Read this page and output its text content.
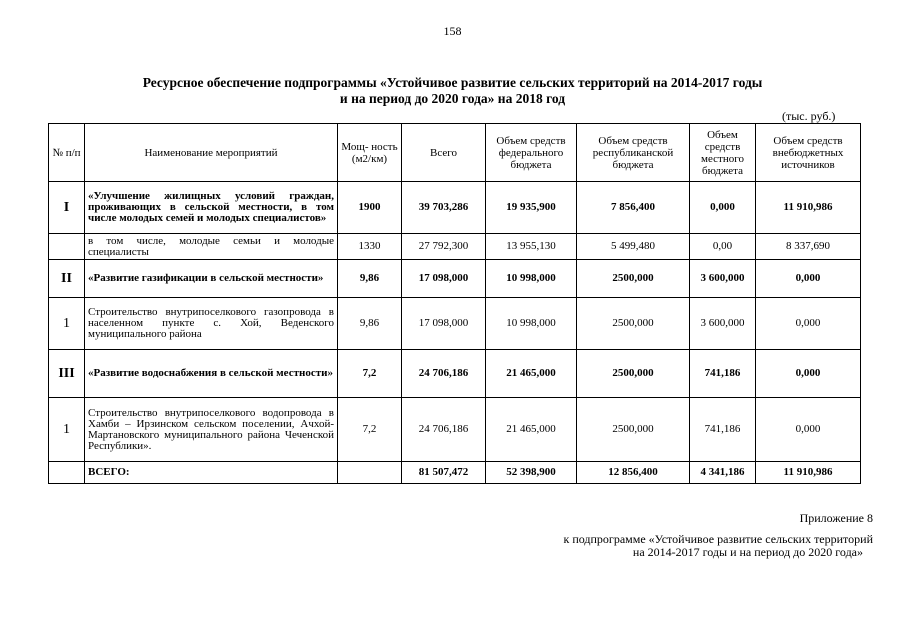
158
Ресурсное обеспечение подпрограммы «Устойчивое развитие сельских территорий на 2014-2017 годы
и на период до 2020 года» на 2018 год
(тыс. руб.)
№ п/п	Наименование мероприятий	Мощ- ность (м2/км)	Всего	Объем средств федерального бюджета	Объем средств республиканской бюджета	Объем средств местного бюджета	Объем средств внебюджетных источников
I	«Улучшение жилищных условий граждан, проживающих в сельской местности, в том числе молодых семей и молодых специалистов»	1900	39 703,286	19 935,900	7 856,400	0,000	11 910,986
	в том числе, молодые семьи и молодые специалисты	1330	27 792,300	13 955,130	5 499,480	0,00	8 337,690
II	«Развитие газификации в сельской местности»	9,86	17 098,000	10 998,000	2500,000	3 600,000	0,000
1	Строительство внутрипоселкового газопровода в населенном пункте с. Хой, Веденского муниципального района	9,86	17 098,000	10 998,000	2500,000	3 600,000	0,000
III	«Развитие водоснабжения в сельской местности»	7,2	24 706,186	21 465,000	2500,000	741,186	0,000
1	Строительство внутрипоселкового водопровода в Хамби – Ирзинском сельском поселении, Ачхой-Мартановского муниципального района Чеченской Республики».	7,2	24 706,186	21 465,000	2500,000	741,186	0,000
	ВСЕГО:		81 507,472	52 398,900	12 856,400	4 341,186	11 910,986
Приложение 8
к подпрограмме «Устойчивое развитие сельских территорий
на 2014-2017 годы и на период до 2020 года»
